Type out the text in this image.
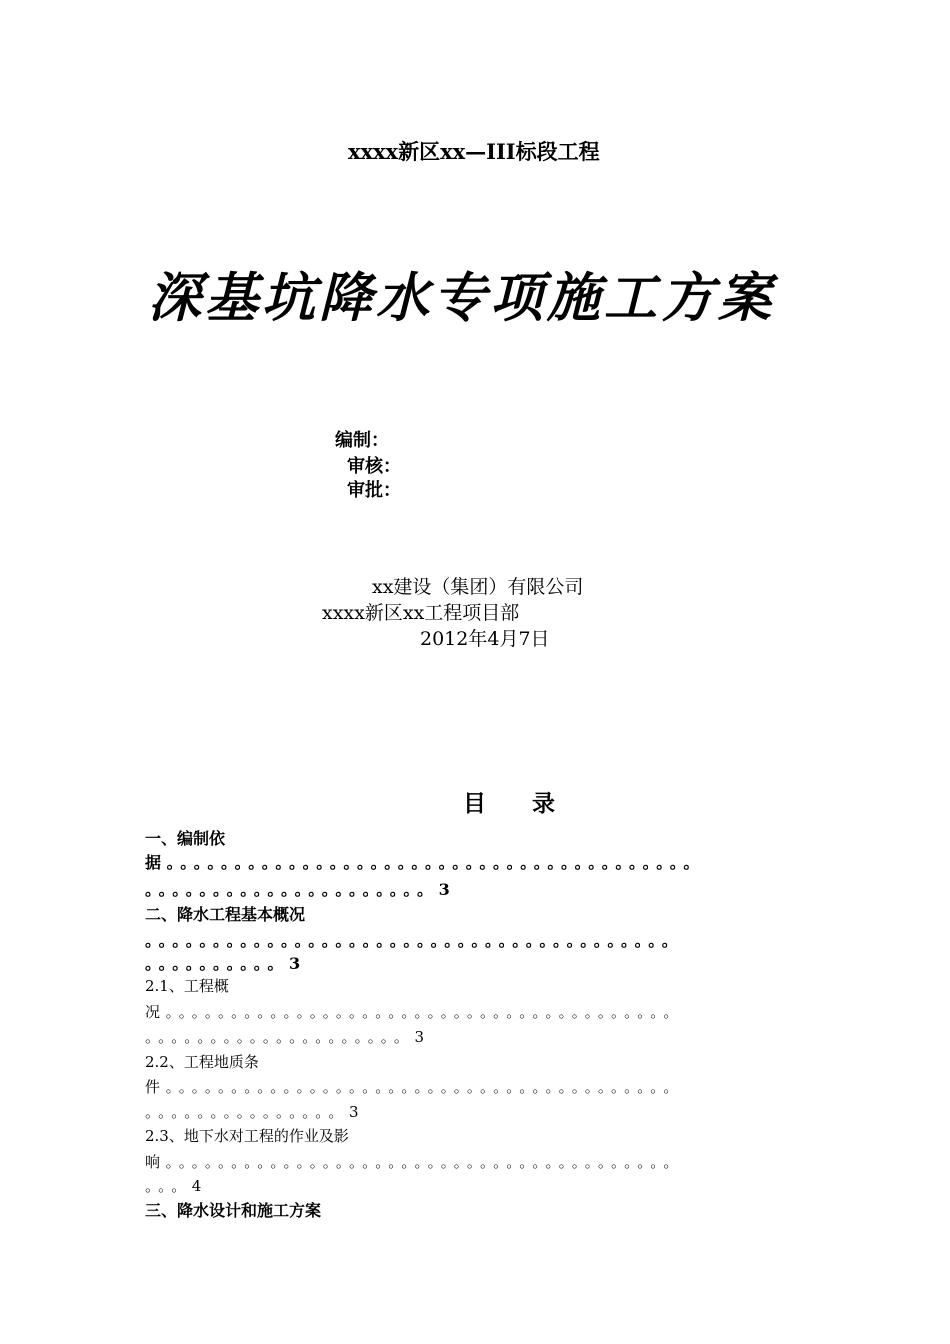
xxxx新区xx—III标段工程
深基坑降水专项施工方案
编制：
审核：
审批：
xx建设（集团）有限公司
xxxx新区xx工程项目部
2012年4月7日
目录
一、编制依
据。。。。。。。。。。。。。。。。。。。。。。。。。。。。。。。。。。。。。。。
。。。。。。。。。。。。。。。。。。。。。3
二、降水工程基本概况
。。。。。。。。。。。。。。。。。。。。。。。。。。。。。。。。。。。。。。。
。。。。。。。。。。3
2.1、工程概
况。。。。。。。。。。。。。。。。。。。。。。。。。。。。。。。。。。。。。。。
。。。。。。。。。。。。。。。。。。。。3
2.2、工程地质条
件。。。。。。。。。。。。。。。。。。。。。。。。。。。。。。。。。。。。。。。
。。。。。。。。。。。。。。。3
2.3、地下水对工程的作业及影
响。。。。。。。。。。。。。。。。。。。。。。。。。。。。。。。。。。。。。。。
。。。4
三、降水设计和施工方案
